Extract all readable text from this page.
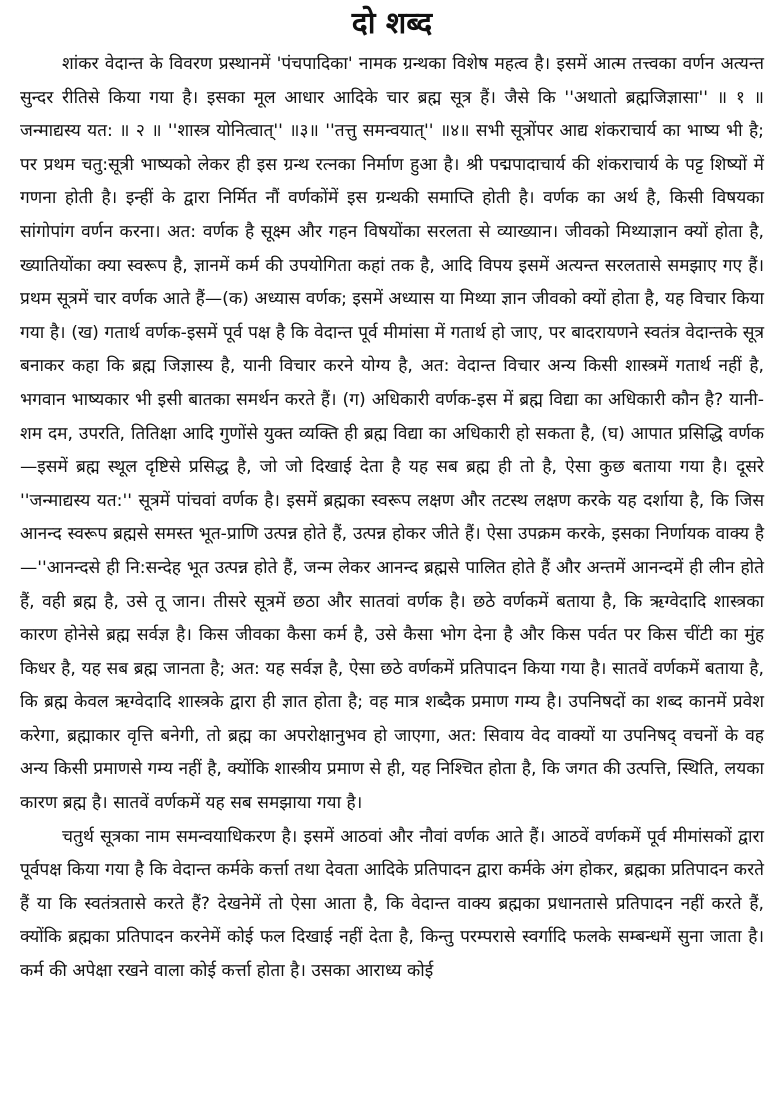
दो शब्द

शांकर वेदान्त के विवरण प्रस्थानमें 'पंचपादिका' नामक ग्रन्थका विशेष महत्व है। इसमें आत्म तत्त्वका वर्णन अत्यन्त सुन्दर रीतिसे किया गया है। इसका मूल आधार आदिके चार ब्रह्म सूत्र हैं। जैसे कि ''अथातो ब्रह्मजिज्ञासा'' ॥ १ ॥ जन्माद्यस्य यत: ॥ २ ॥ ''शास्त्र योनित्वात्'' ॥३॥ ''तत्तु समन्वयात्'' ॥४॥ सभी सूत्रोंपर आद्य शंकराचार्य का भाष्य भी है; पर प्रथम चतु:सूत्री भाष्यको लेकर ही इस ग्रन्थ रत्नका निर्माण हुआ है। श्री पद्मपादाचार्य की शंकराचार्य के पट्ट शिष्यों में गणना होती है। इन्हीं के द्वारा निर्मित नौं वर्णकोंमें इस ग्रन्थकी समाप्ति होती है। वर्णक का अर्थ है, किसी विषयका सांगोपांग वर्णन करना। अत: वर्णक है सूक्ष्म और गहन विषयोंका सरलता से व्याख्यान। जीवको मिथ्याज्ञान क्यों होता है, ख्यातियोंका क्या स्वरूप है, ज्ञानमें कर्म की उपयोगिता कहां तक है, आदि विपय इसमें अत्यन्त सरलतासे समझाए गए हैं। प्रथम सूत्रमें चार वर्णक आते हैं—(क) अध्यास वर्णक; इसमें अध्यास या मिथ्या ज्ञान जीवको क्यों होता है, यह विचार किया गया है। (ख) गतार्थ वर्णक-इसमें पूर्व पक्ष है कि वेदान्त पूर्व मीमांसा में गतार्थ हो जाए, पर बादरायणने स्वतंत्र वेदान्तके सूत्र बनाकर कहा कि ब्रह्म जिज्ञास्य है, यानी विचार करने योग्य है, अत: वेदान्त विचार अन्य किसी शास्त्रमें गतार्थ नहीं है, भगवान भाष्यकार भी इसी बातका समर्थन करते हैं। (ग) अधिकारी वर्णक-इस में ब्रह्म विद्या का अधिकारी कौन है? यानी-शम दम, उपरति, तितिक्षा आदि गुणोंसे युक्त व्यक्ति ही ब्रह्म विद्या का अधिकारी हो सकता है, (घ) आपात प्रसिद्धि वर्णक—इसमें ब्रह्म स्थूल दृष्टिसे प्रसिद्ध है, जो जो दिखाई देता है यह सब ब्रह्म ही तो है, ऐसा कुछ बताया गया है। दूसरे ''जन्माद्यस्य यत:'' सूत्रमें पांचवां वर्णक है। इसमें ब्रह्मका स्वरूप लक्षण और तटस्थ लक्षण करके यह दर्शाया है, कि जिस आनन्द स्वरूप ब्रह्मसे समस्त भूत-प्राणि उत्पन्न होते हैं, उत्पन्न होकर जीते हैं। ऐसा उपक्रम करके, इसका निर्णायक वाक्य है—''आनन्दसे ही नि:सन्देह भूत उत्पन्न होते हैं, जन्म लेकर आनन्द ब्रह्मसे पालित होते हैं और अन्तमें आनन्दमें ही लीन होते हैं, वही ब्रह्म है, उसे तू जान। तीसरे सूत्रमें छठा और सातवां वर्णक है। छठे वर्णकमें बताया है, कि ऋग्वेदादि शास्त्रका कारण होनेसे ब्रह्म सर्वज्ञ है। किस जीवका कैसा कर्म है, उसे कैसा भोग देना है और किस पर्वत पर किस चींटी का मुंह किधर है, यह सब ब्रह्म जानता है; अत: यह सर्वज्ञ है, ऐसा छठे वर्णकमें प्रतिपादन किया गया है। सातवें वर्णकमें बताया है, कि ब्रह्म केवल ऋग्वेदादि शास्त्रके द्वारा ही ज्ञात होता है; वह मात्र शब्दैक प्रमाण गम्य है। उपनिषदों का शब्द कानमें प्रवेश करेगा, ब्रह्माकार वृत्ति बनेगी, तो ब्रह्म का अपरोक्षानुभव हो जाएगा, अत: सिवाय वेद वाक्यों या उपनिषद् वचनों के वह अन्य किसी प्रमाणसे गम्य नहीं है, क्योंकि शास्त्रीय प्रमाण से ही, यह निश्चित होता है, कि जगत की उत्पत्ति, स्थिति, लयका कारण ब्रह्म है। सातवें वर्णकमें यह सब समझाया गया है।

चतुर्थ सूत्रका नाम समन्वयाधिकरण है। इसमें आठवां और नौवां वर्णक आते हैं। आठवें वर्णकमें पूर्व मीमांसकों द्वारा पूर्वपक्ष किया गया है कि वेदान्त कर्मके कर्त्ता तथा देवता आदिके प्रतिपादन द्वारा कर्मके अंग होकर, ब्रह्मका प्रतिपादन करते हैं या कि स्वतंत्रतासे करते हैं? देखनेमें तो ऐसा आता है, कि वेदान्त वाक्य ब्रह्मका प्रधानतासे प्रतिपादन नहीं करते हैं, क्योंकि ब्रह्मका प्रतिपादन करनेमें कोई फल दिखाई नहीं देता है, किन्तु परम्परासे स्वर्गादि फलके सम्बन्धमें सुना जाता है। कर्म की अपेक्षा रखने वाला कोई कर्त्ता होता है। उसका आराध्य कोई
